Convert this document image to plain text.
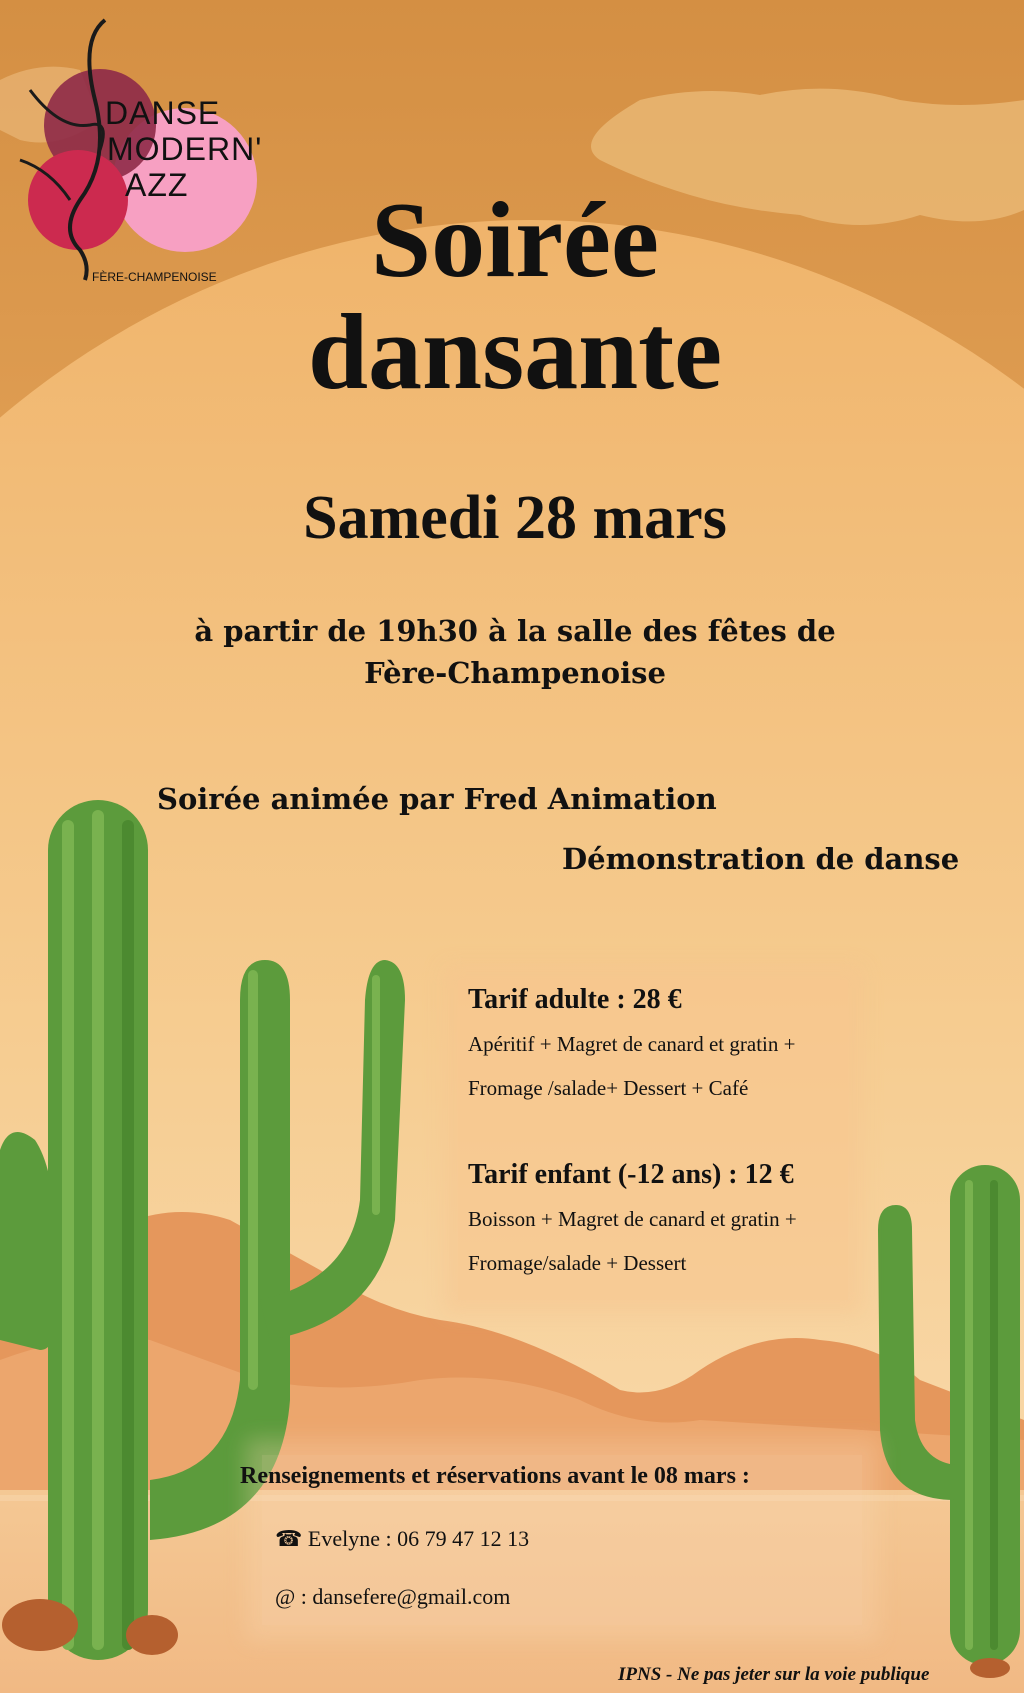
DANSE
MODERN'
AZZ
FÈRE-CHAMPENOISE	Soirée
dansante
Samedi 28 mars
à partir de 19h30 à la salle des fêtes de
Fère-Champenoise
Soirée animée par Fred Animation
Démonstration de danse
Tarif adulte : 28 €
Apéritif + Magret de canard et gratin +
Fromage /salade+ Dessert + Café
Tarif enfant (-12 ans) : 12 €
Boisson + Magret de canard et gratin +
Fromage/salade + Dessert
Renseignements et réservations avant le 08 mars :
☎ Evelyne : 06 79 47 12 13
@ : dansefere@gmail.com
IPNS - Ne pas jeter sur la voie publique
